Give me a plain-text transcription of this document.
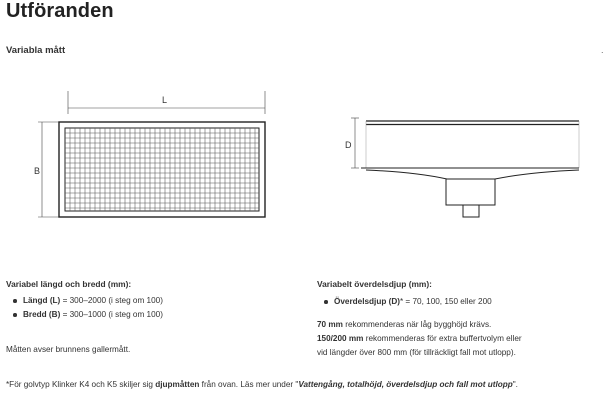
Utföranden
Variabla mått	.
L
B
D
Variabel längd och bredd (mm):
Längd (L) = 300–2000 (i steg om 100)
Bredd (B) = 300–1000 (i steg om 100)
Måtten avser brunnens gallermått.
Variabelt överdelsdjup (mm):
Överdelsdjup (D)* = 70, 100, 150 eller 200
70 mm rekommenderas när låg bygghöjd krävs.
150/200 mm rekommenderas för extra buffertvolym eller
vid längder över 800 mm (för tillräckligt fall mot utlopp).
*För golvtyp Klinker K4 och K5 skiljer sig djupmåtten från ovan. Läs mer under "Vattengång, totalhöjd, överdelsdjup och fall mot utlopp".
